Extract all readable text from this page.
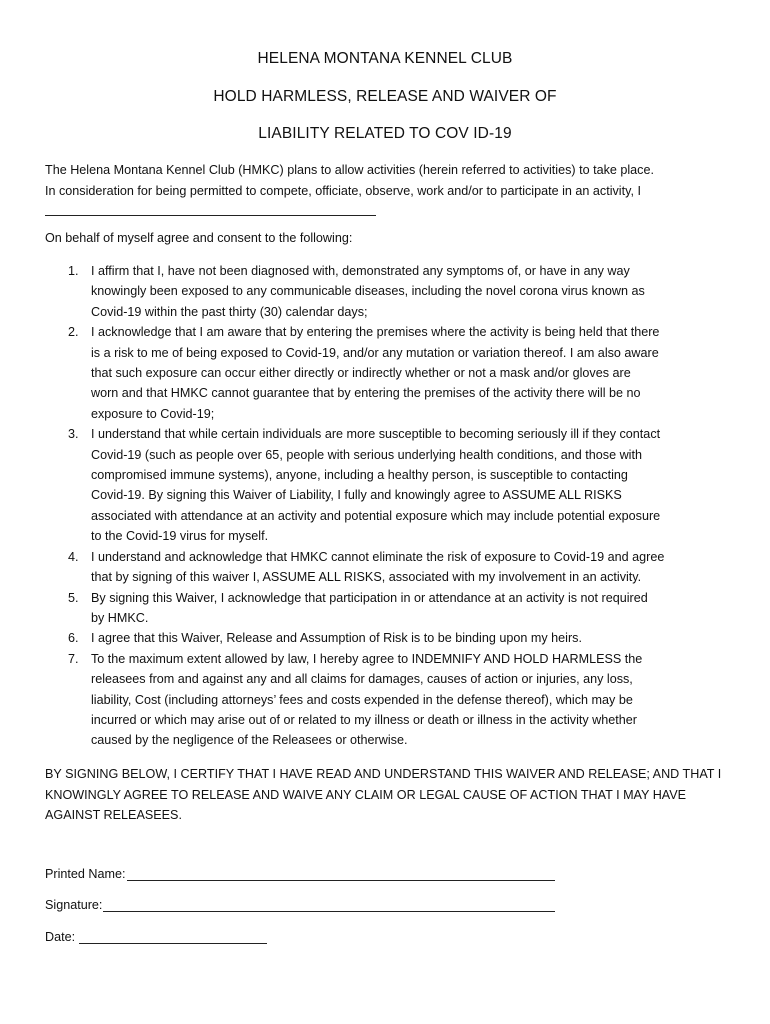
HELENA MONTANA KENNEL CLUB
HOLD HARMLESS, RELEASE AND WAIVER OF
LIABILITY RELATED TO COV ID-19

The Helena Montana Kennel Club (HMKC) plans to allow activities (herein referred to activities) to take place.

In consideration for being permitted to compete, officiate, observe, work and/or to participate in an activity, I

On behalf of myself agree and consent to the following:
1. I affirm that I, have not been diagnosed with, demonstrated any symptoms of, or have in any way
knowingly been exposed to any communicable diseases, including the novel corona virus known as
Covid-19 within the past thirty (30) calendar days;
2. I acknowledge that I am aware that by entering the premises where the activity is being held that there
is a risk to me of being exposed to Covid-19, and/or any mutation or variation thereof. I am also aware
that such exposure can occur either directly or indirectly whether or not a mask and/or gloves are
worn and that HMKC cannot guarantee that by entering the premises of the activity there will be no
exposure to Covid-19;
3. I understand that while certain individuals are more susceptible to becoming seriously ill if they contact
Covid-19 (such as people over 65, people with serious underlying health conditions, and those with
compromised immune systems), anyone, including a healthy person, is susceptible to contacting
Covid-19. By signing this Waiver of Liability, I fully and knowingly agree to ASSUME ALL RISKS
associated with attendance at an activity and potential exposure which may include potential exposure
to the Covid-19 virus for myself.
4. I understand and acknowledge that HMKC cannot eliminate the risk of exposure to Covid-19 and agree
that by signing of this waiver I, ASSUME ALL RISKS, associated with my involvement in an activity.
5. By signing this Waiver, I acknowledge that participation in or attendance at an activity is not required
by HMKC.
6. I agree that this Waiver, Release and Assumption of Risk is to be binding upon my heirs.
7. To the maximum extent allowed by law, I hereby agree to INDEMNIFY AND HOLD HARMLESS the
releasees from and against any and all claims for damages, causes of action or injuries, any loss,
liability, Cost (including attorneys’ fees and costs expended in the defense thereof), which may be
incurred or which may arise out of or related to my illness or death or illness in the activity whether
caused by the negligence of the Releasees or otherwise.
BY SIGNING BELOW, I CERTIFY THAT I HAVE READ AND UNDERSTAND THIS WAIVER AND RELEASE; AND THAT I
KNOWINGLY AGREE TO RELEASE AND WAIVE ANY CLAIM OR LEGAL CAUSE OF ACTION THAT I MAY HAVE
AGAINST RELEASEES.
Printed Name:
Signature:
Date:
